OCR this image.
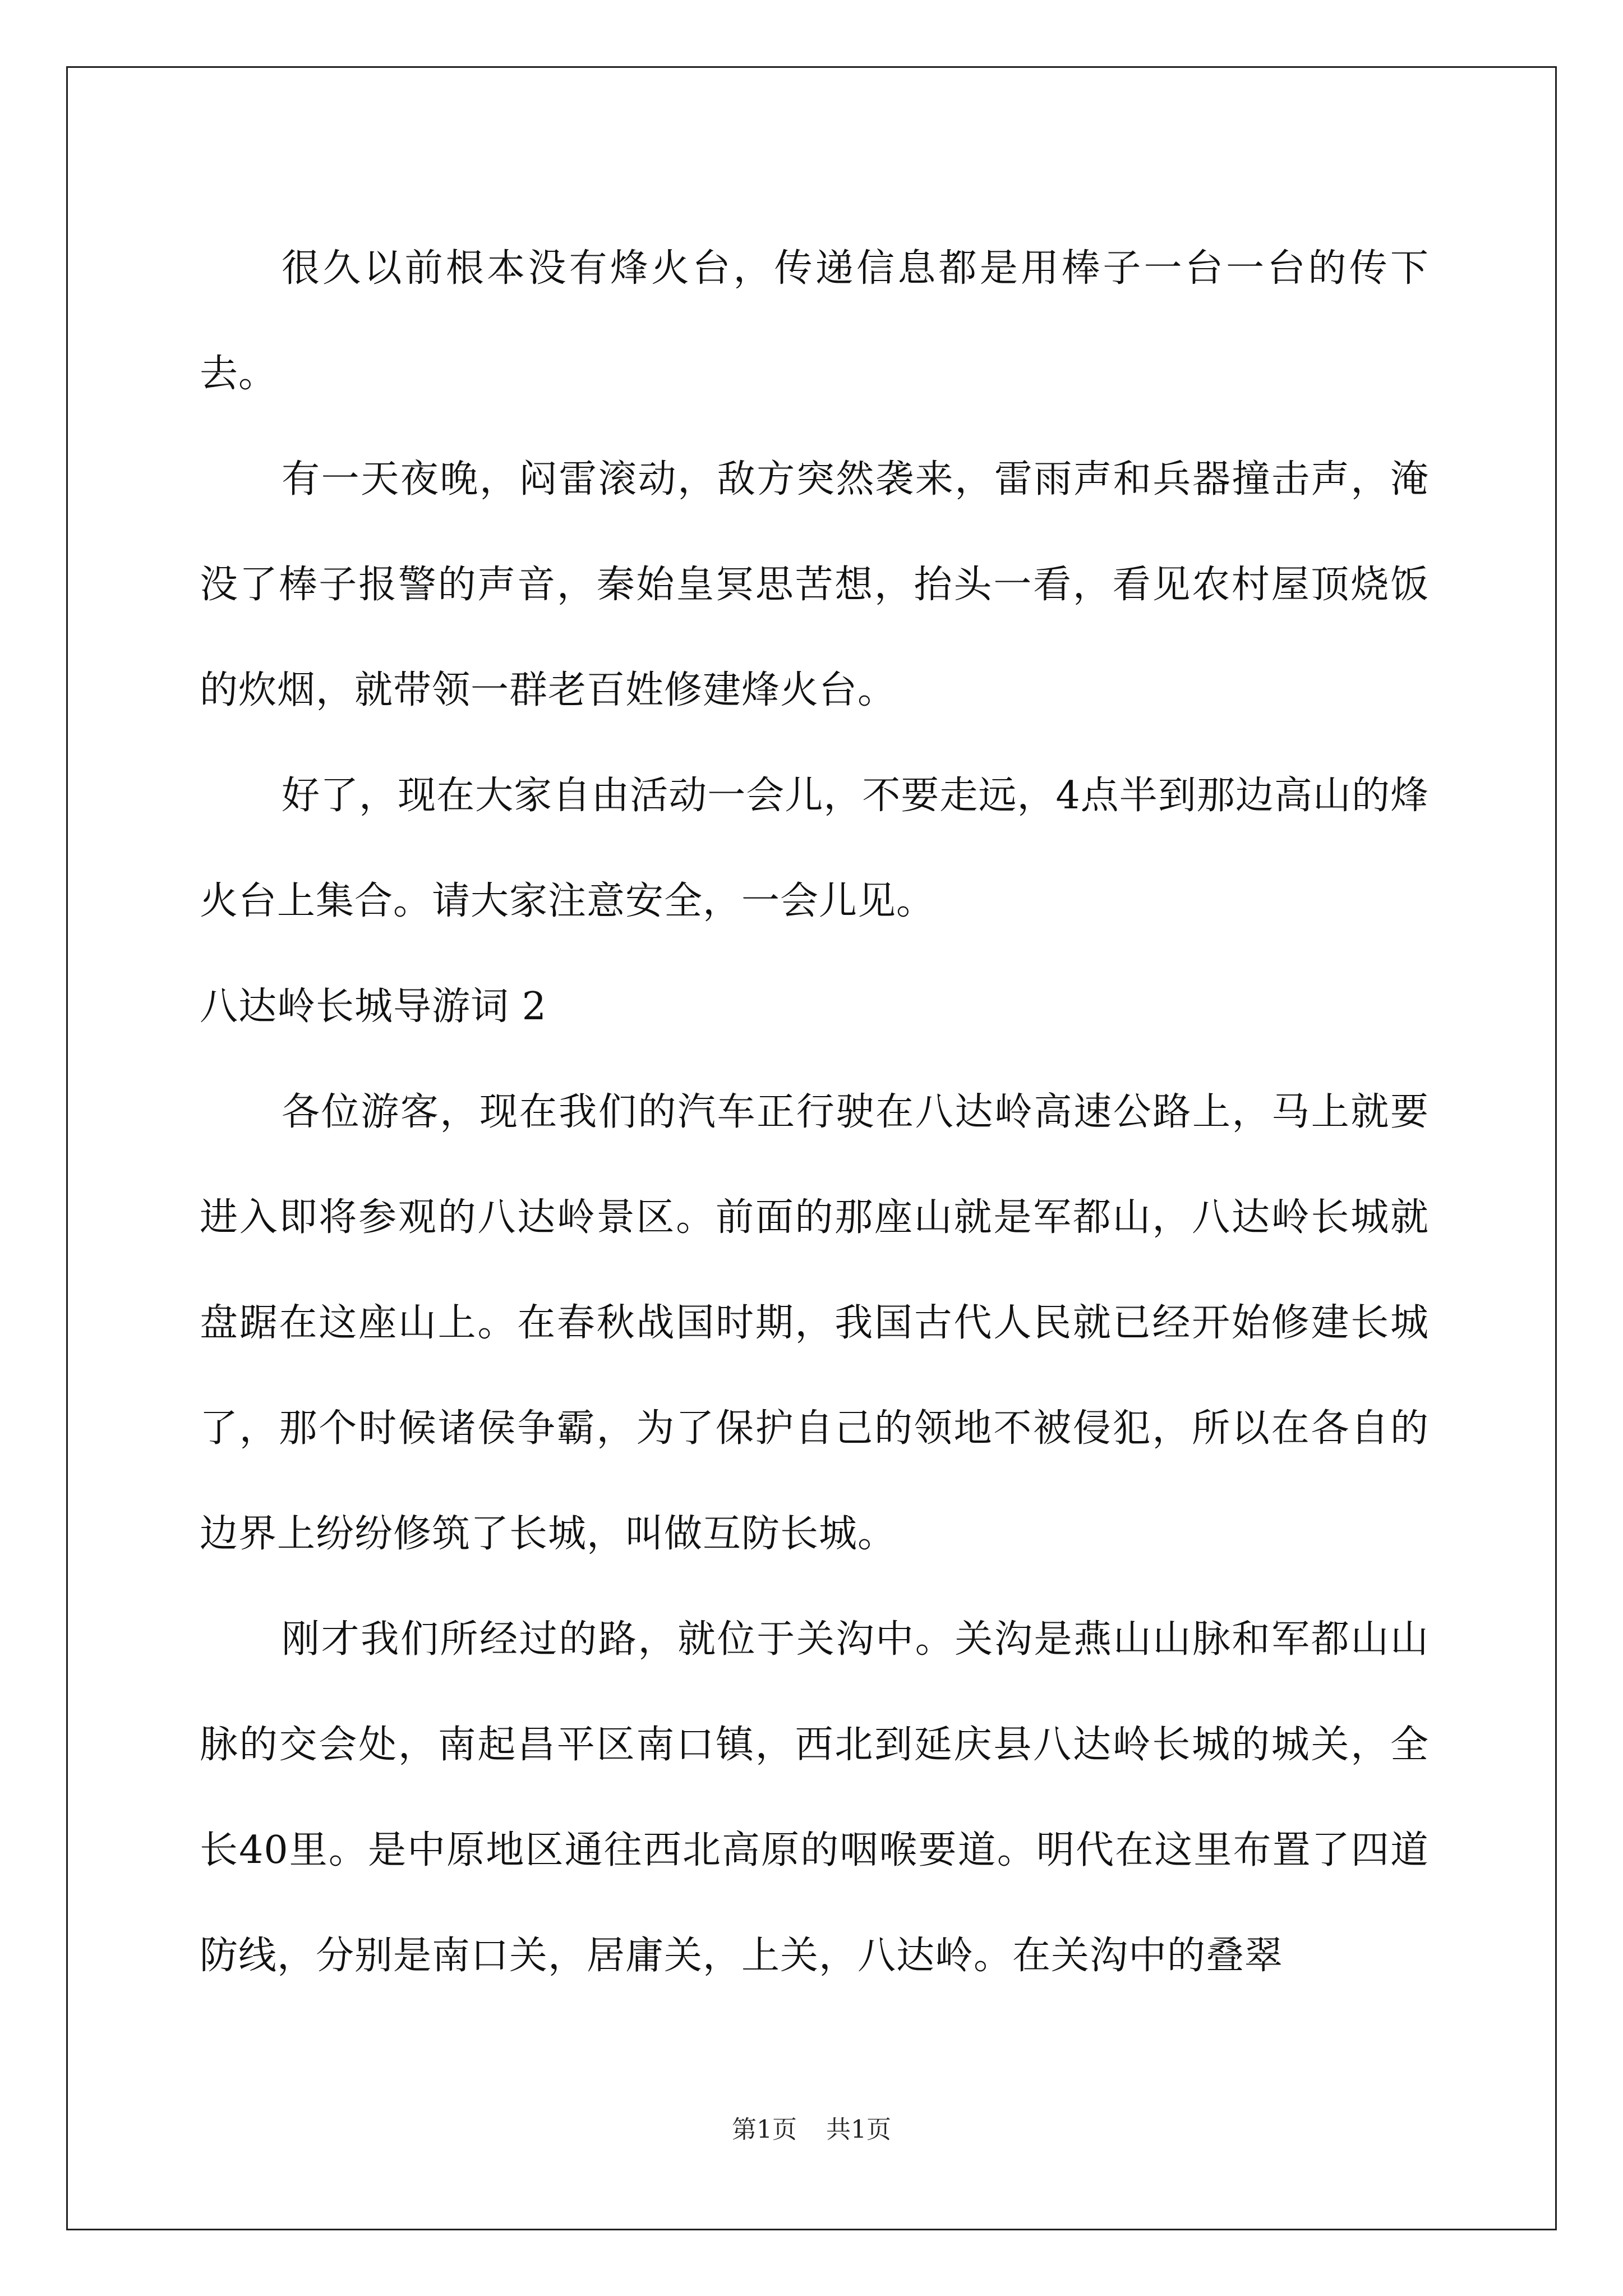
很久以前根本没有烽火台，传递信息都是用棒子一台一台的传下去。

有一天夜晚，闷雷滚动，敌方突然袭来，雷雨声和兵器撞击声，淹没了棒子报警的声音，秦始皇冥思苦想，抬头一看，看见农村屋顶烧饭的炊烟，就带领一群老百姓修建烽火台。

好了，现在大家自由活动一会儿，不要走远，4点半到那边高山的烽火台上集合。请大家注意安全，一会儿见。

八达岭长城导游词 2

各位游客，现在我们的汽车正行驶在八达岭高速公路上，马上就要进入即将参观的八达岭景区。前面的那座山就是军都山，八达岭长城就盘踞在这座山上。在春秋战国时期，我国古代人民就已经开始修建长城了，那个时候诸侯争霸，为了保护自己的领地不被侵犯，所以在各自的边界上纷纷修筑了长城，叫做互防长城。

刚才我们所经过的路，就位于关沟中。关沟是燕山山脉和军都山山脉的交会处，南起昌平区南口镇，西北到延庆县八达岭长城的城关，全长40里。是中原地区通往西北高原的咽喉要道。明代在这里布置了四道防线，分别是南口关，居庸关，上关，八达岭。在关沟中的叠翠

第1页 共1页
